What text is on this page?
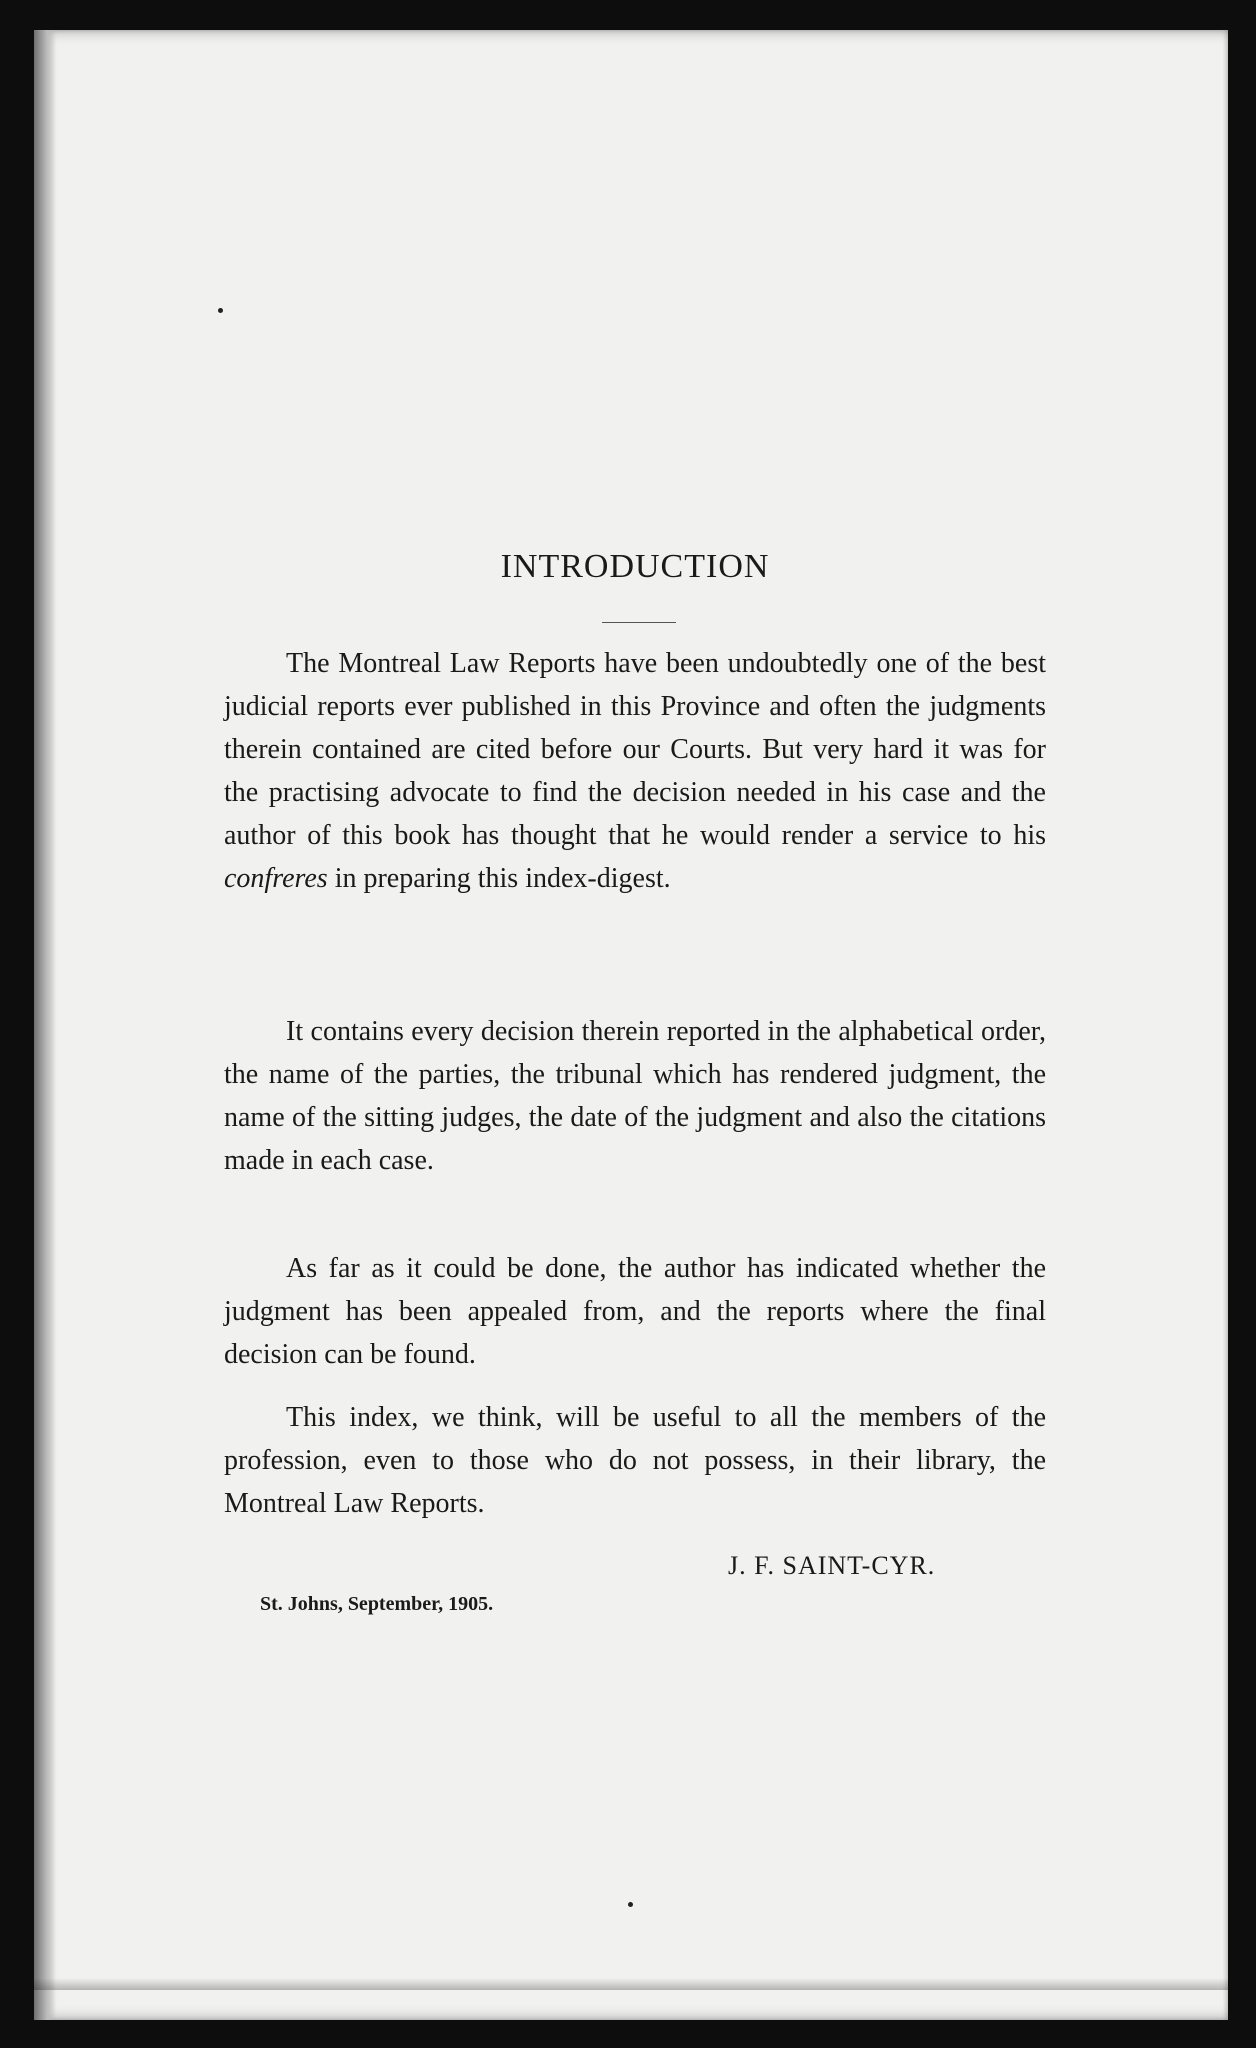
INTRODUCTION

The Montreal Law Reports have been undoubtedly one of the best judicial reports ever published in this Province and often the judgments therein contained are cited before our Courts. But very hard it was for the practising advocate to find the decision needed in his case and the author of this book has thought that he would render a service to his confreres in preparing this index-digest.

It contains every decision therein reported in the alphabetical order, the name of the parties, the tribunal which has rendered judgment, the name of the sitting judges, the date of the judgment and also the citations made in each case.

As far as it could be done, the author has indicated whether the judgment has been appealed from, and the reports where the final decision can be found.

This index, we think, will be useful to all the members of the profession, even to those who do not possess, in their library, the Montreal Law Reports.

J. F. SAINT-CYR.
St. Johns, September, 1905.
